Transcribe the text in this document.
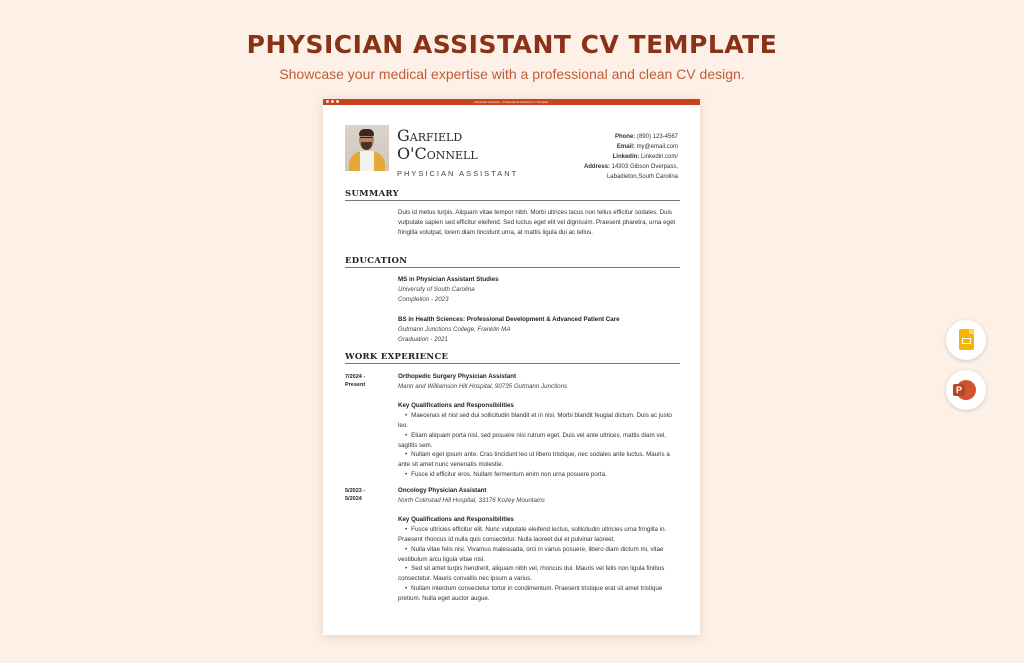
PHYSICIAN ASSISTANT CV TEMPLATE

Showcase your medical expertise with a professional and clean CV design.

Physician Assistant - Professional Medical CV Template
Garfield
O'Connell
PHYSICIAN ASSISTANT
Phone: (890) 123-4567
Email: my@email.com
Linkedin: Linkedin.com/
Address: 14303 Gibson Overpass,
Labadieton,South Carolina
SUMMARY

Duis id metus turpis. Aliquam vitae tempor nibh. Morbi ultrices lacus non tellus efficitur sodales. Duis vulputate sapien sed efficitur eleifend. Sed luctus eget elit vel dignissim. Praesent pharetra, urna eget fringilla volutpat, lorem diam tincidunt urna, at mattis ligula dui ac tellus.

EDUCATION
MS in Physician Assistant Studies
University of South Carolina
Completion - 2023
BS in Health Sciences: Professional Development & Advanced Patient Care
Gutmann Junctions College, Franklin MA
Graduation - 2021
WORK EXPERIENCE
7/2024 -
Present
Orthopedic Surgery Physician Assistant
Mann and Williamson Hill Hospital, 90735 Gutmann Junctions
Key Qualifications and Responsibilities
• Maecenas et nisl sed dui sollicitudin blandit et in nisi. Morbi blandit feugiat dictum. Duis ac justo leo.
• Etiam aliquam porta nisl, sed posuere nisi rutrum eget. Duis vel ante ultrices, mattis diam vel, sagittis sem.
• Nullam eget ipsum ante. Cras tincidunt leo ut libero tristique, nec sodales ante luctus. Mauris a ante sit amet nunc venenatis molestie.
• Fusce id efficitur eros. Nullam fermentum enim non urna posuere porta.
5/2023 -
5/2024
Oncology Physician Assistant
North Colinstad Hill Hospital, 33176 Kozey Mountains
Key Qualifications and Responsibilities
• Fusce ultricies efficitur elit. Nunc vulputate eleifend lectus, sollicitudin ultricies urna fringilla in. Praesent rhoncus id nulla quis consectetur. Nulla laoreet dui et pulvinar laoreet.
• Nulla vitae felis nisi. Vivamus malesuada, orci in varius posuere, libero diam dictum mi, vitae vestibulum arcu ligula vitae nisi.
• Sed sit amet turpis hendrerit, aliquam nibh vel, rhoncus dui. Mauris vel felis non ligula finibus consectetur. Mauris convallis nec ipsum a varius.
• Nullam interdum consectetur tortor in condimentum. Praesent tristique erat sit amet tristique pretium. Nulla eget auctor augue.
P
